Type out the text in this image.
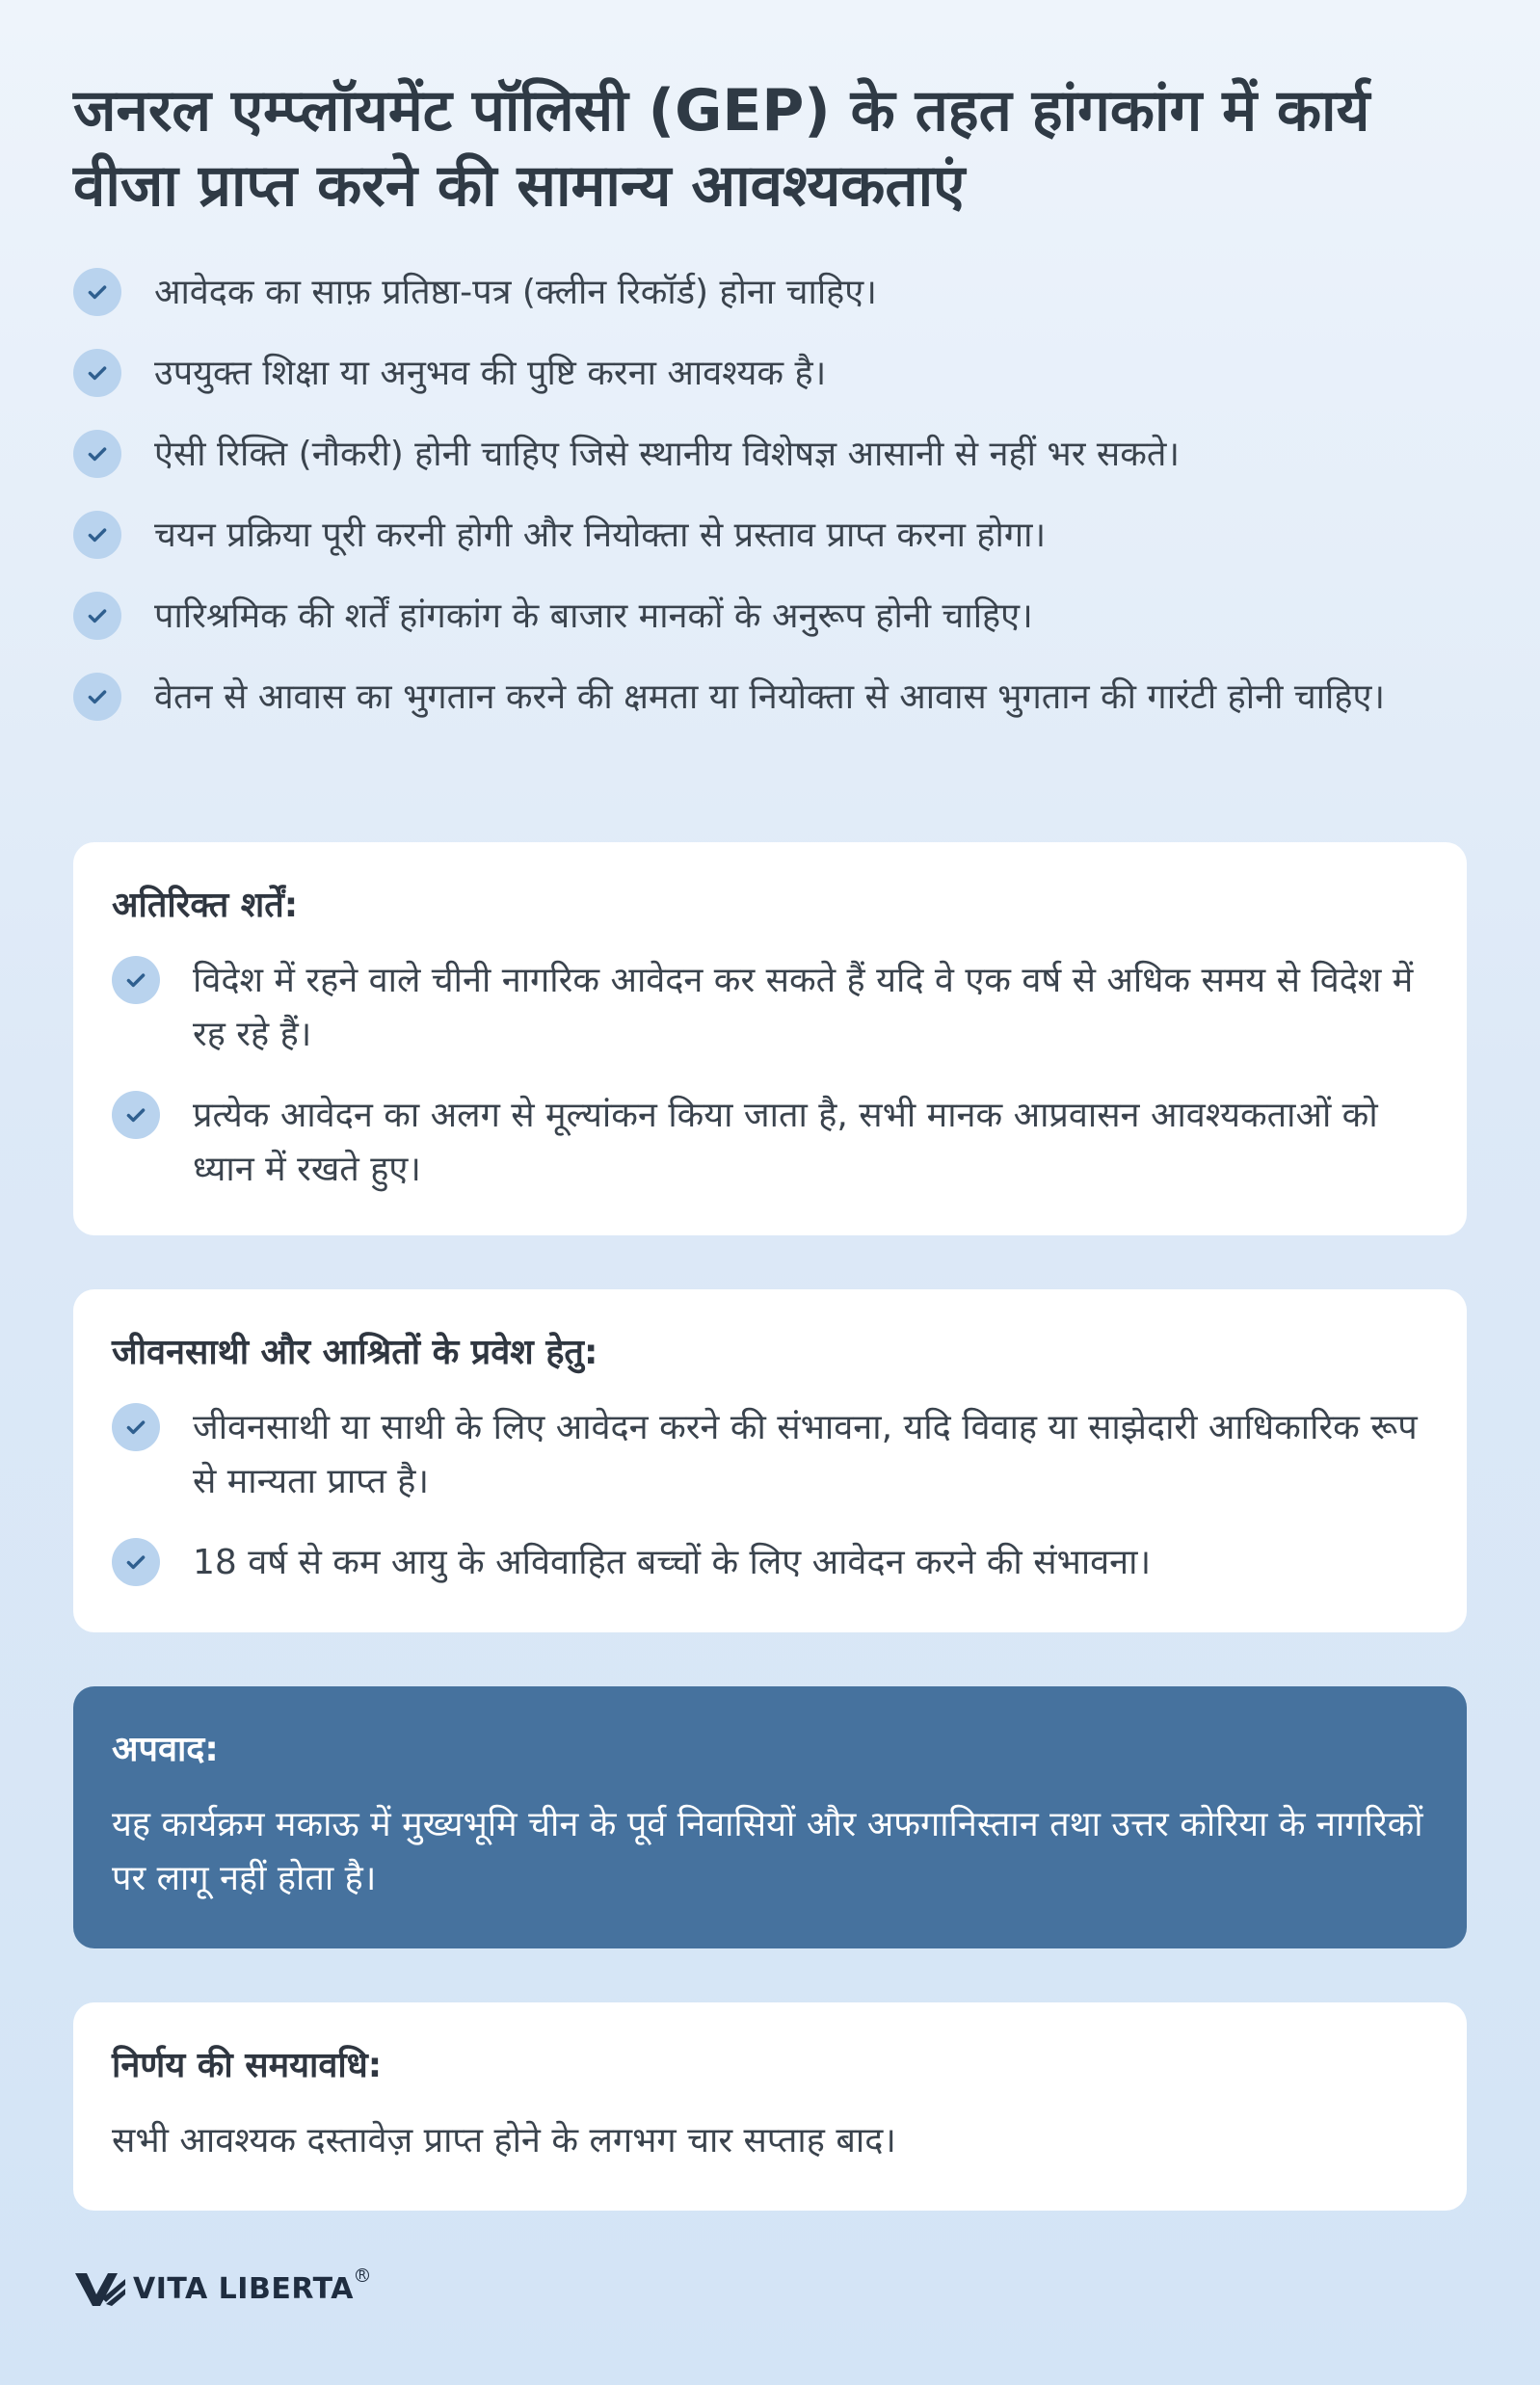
जनरल एम्प्लॉयमेंट पॉलिसी (GEP) के तहत हांगकांग में कार्य वीजा प्राप्त करने की सामान्य आवश्यकताएं
आवेदक का साफ़ प्रतिष्ठा-पत्र (क्लीन रिकॉर्ड) होना चाहिए।
उपयुक्त शिक्षा या अनुभव की पुष्टि करना आवश्यक है।
ऐसी रिक्ति (नौकरी) होनी चाहिए जिसे स्थानीय विशेषज्ञ आसानी से नहीं भर सकते।
चयन प्रक्रिया पूरी करनी होगी और नियोक्ता से प्रस्ताव प्राप्त करना होगा।
पारिश्रमिक की शर्तें हांगकांग के बाजार मानकों के अनुरूप होनी चाहिए।
वेतन से आवास का भुगतान करने की क्षमता या नियोक्ता से आवास भुगतान की गारंटी होनी चाहिए।
अतिरिक्त शर्तें:
विदेश में रहने वाले चीनी नागरिक आवेदन कर सकते हैं यदि वे एक वर्ष से अधिक समय से विदेश में रह रहे हैं।
प्रत्येक आवेदन का अलग से मूल्यांकन किया जाता है, सभी मानक आप्रवासन आवश्यकताओं को ध्यान में रखते हुए।
जीवनसाथी और आश्रितों के प्रवेश हेतु:
जीवनसाथी या साथी के लिए आवेदन करने की संभावना, यदि विवाह या साझेदारी आधिकारिक रूप से मान्यता प्राप्त है।
18 वर्ष से कम आयु के अविवाहित बच्चों के लिए आवेदन करने की संभावना।
अपवाद:
यह कार्यक्रम मकाऊ में मुख्यभूमि चीन के पूर्व निवासियों और अफगानिस्तान तथा उत्तर कोरिया के नागरिकों पर लागू नहीं होता है।
निर्णय की समयावधि:
सभी आवश्यक दस्तावेज़ प्राप्त होने के लगभग चार सप्ताह बाद।
VITA LIBERTA R
